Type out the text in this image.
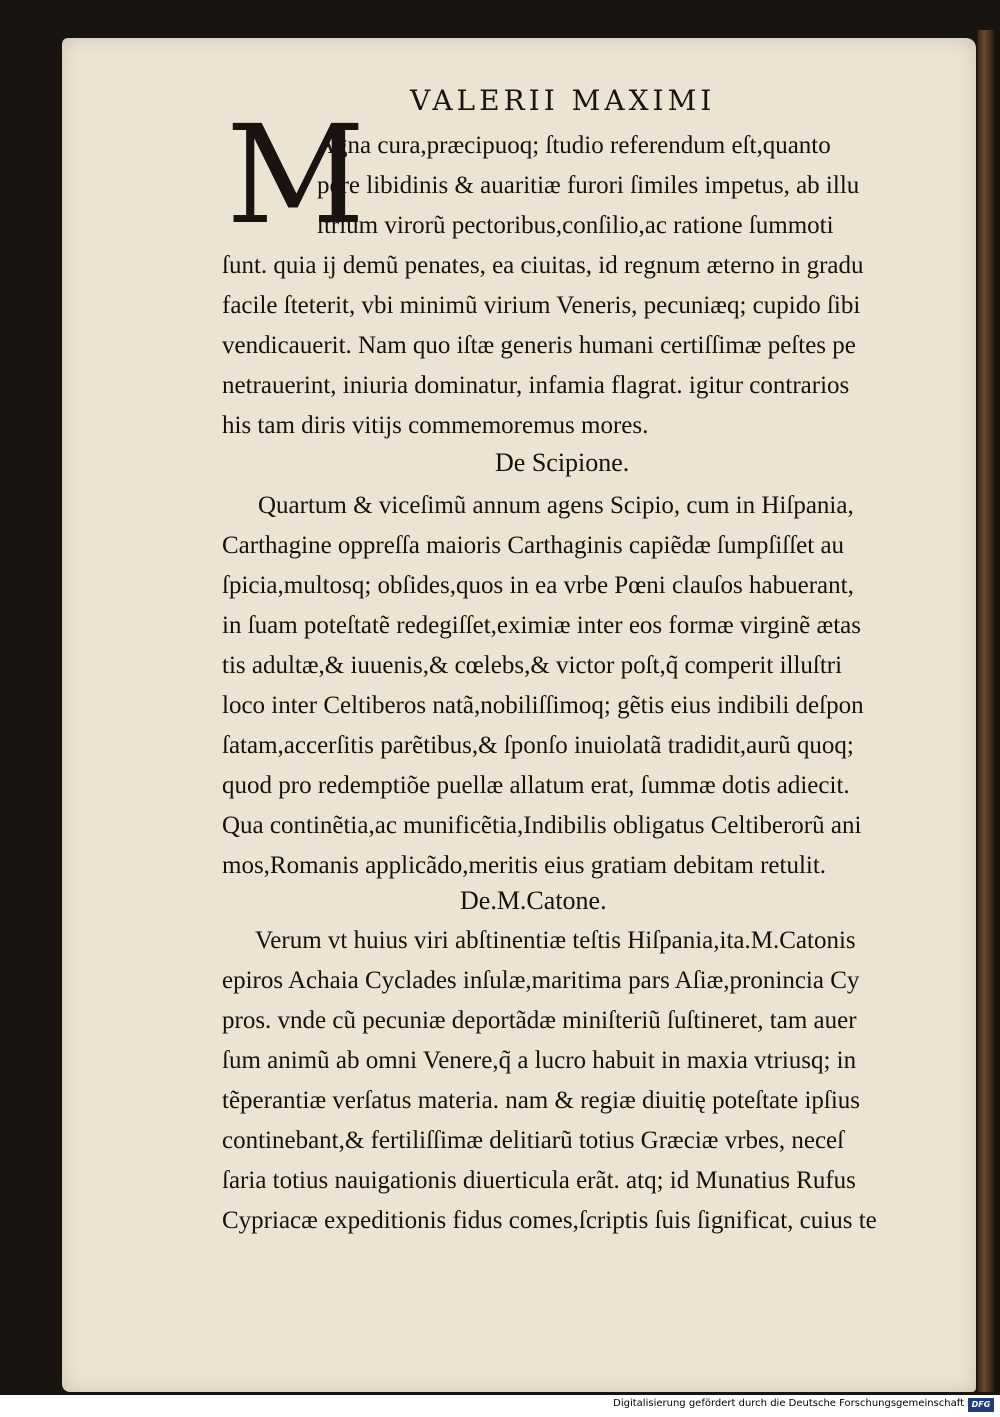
VALERII MAXIMI
M
Agna cura,præcipuoq; ſtudio referendum eſt,quanto
pere libidinis & auaritiæ furori ſimiles impetus, ab illu
ſtrium virorũ pectoribus,conſilio,ac ratione ſummoti
ſunt. quia ij demũ penates, ea ciuitas, id regnum æterno in gradu
facile ſteterit, vbi minimũ virium Veneris, pecuniæq; cupido ſibi
vendicauerit. Nam quo iſtæ generis humani certiſſimæ peſtes pe
netrauerint, iniuria dominatur, infamia flagrat. igitur contrarios
his tam diris vitijs commemoremus mores.
De Scipione.
Quartum & viceſimũ annum agens Scipio, cum in Hiſpania,
Carthagine oppreſſa maioris Carthaginis capiẽdæ ſumpſiſſet au
ſpicia,multosq; obſides,quos in ea vrbe Pœni clauſos habuerant,
in ſuam poteſtatẽ redegiſſet,eximiæ inter eos formæ virginẽ ætas
tis adultæ,& iuuenis,& cœlebs,& victor poſt,q̃ comperit illuſtri
loco inter Celtiberos natã,nobiliſſimoq; gẽtis eius indibili deſpon
ſatam,accerſitis parẽtibus,& ſponſo inuiolatã tradidit,aurũ quoq;
quod pro redemptiõe puellæ allatum erat, ſummæ dotis adiecit.
Qua continẽtia,ac munificẽtia,Indibilis obligatus Celtiberorũ ani
mos,Romanis applicãdo,meritis eius gratiam debitam retulit.
De.M.Catone.
Verum vt huius viri abſtinentiæ teſtis Hiſpania,ita.M.Catonis
epiros Achaia Cyclades inſulæ,maritima pars Aſiæ,pronincia Cy
pros. vnde cũ pecuniæ deportãdæ miniſteriũ ſuſtineret, tam auer
ſum animũ ab omni Venere,q̃ a lucro habuit in maxia vtriusq; in
tẽperantiæ verſatus materia. nam & regiæ diuitię poteſtate ipſius
continebant,& fertiliſſimæ delitiarũ totius Græciæ vrbes, neceſ
ſaria totius nauigationis diuerticula erãt. atq; id Munatius Rufus
Cypriacæ expeditionis fidus comes,ſcriptis ſuis ſignificat, cuius te
Digitalisierung gefördert durch die Deutsche Forschungsgemeinschaft DFG
